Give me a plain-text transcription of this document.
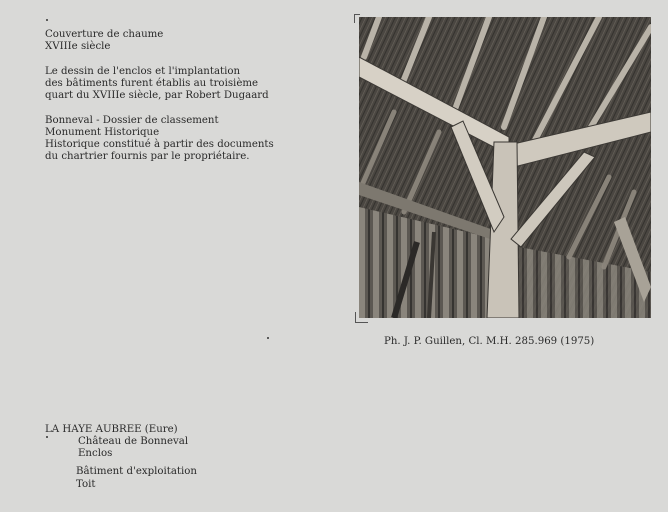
Couverture de chaume
XVIIIe siècle
Le dessin de l'enclos et l'implantation
des bâtiments furent établis au troisième
quart du XVIIIe siècle, par Robert Dugaard
Bonneval - Dossier de classement
Monument Historique
Historique constitué à partir des documents
du chartrier fournis par le propriétaire.
Ph. J. P. Guillen, Cl. M.H. 285.969 (1975)
LA HAYE AUBREE (Eure)
Château de Bonneval
Enclos
Bâtiment d'exploitation
Toit
